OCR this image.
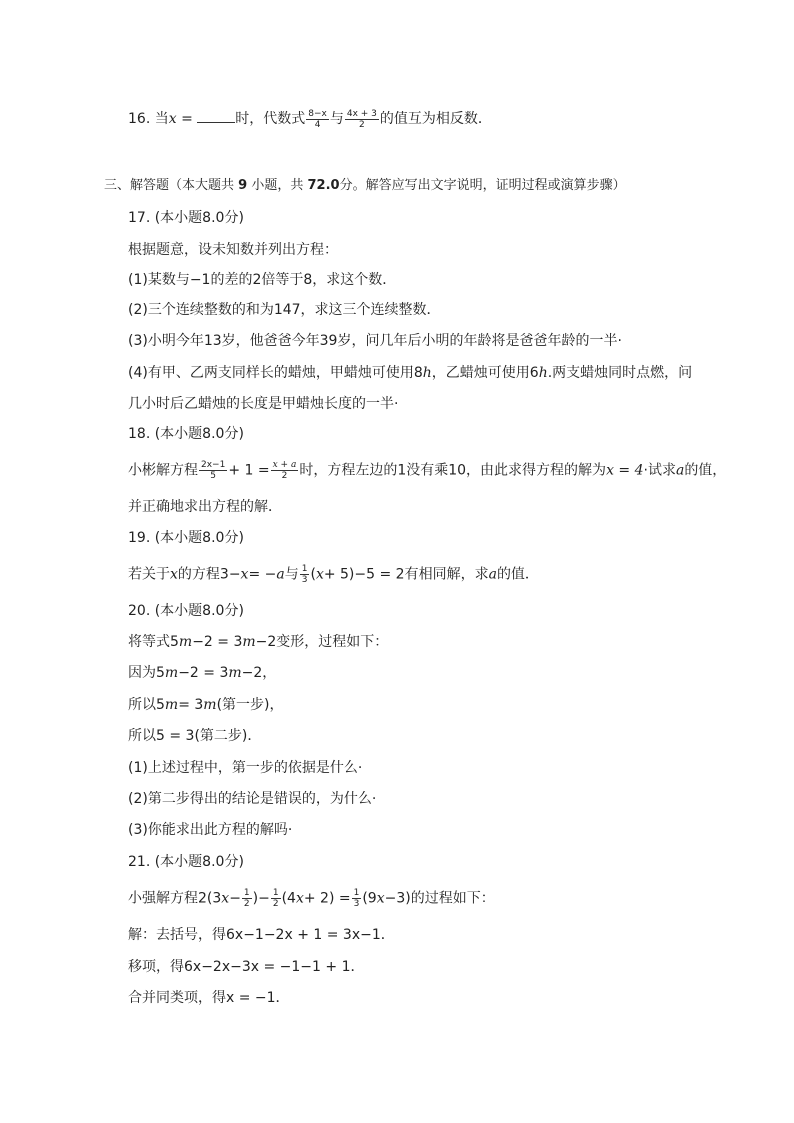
16. 当x =	时，代数式 $\frac{8-x}{4}$ 与 $\frac{4x + 3}{2}$ 的值互为相反数．
三、解答题（本大题共 9 小题，共 72.0分。解答应写出文字说明，证明过程或演算步骤）
17. (本小题8.0分)
根据题意，设未知数并列出方程：
(1)某数与−1的差的2倍等于8，求这个数．
(2)三个连续整数的和为147，求这三个连续整数．
(3)小明今年13岁，他爸爸今年39岁，问几年后小明的年龄将是爸爸年龄的一半·
(4)有甲、乙两支同样长的蜡烛，甲蜡烛可使用8h，乙蜡烛可使用6h.两支蜡烛同时点燃，问
几小时后乙蜡烛的长度是甲蜡烛长度的一半·
18. (本小题8.0分)
小彬解方程 $\frac{2x-1}{5} + 1 = \frac{x + a}{2}$ 时，方程左边的1没有乘10，由此求得方程的解为x = 4·试求a的值，
并正确地求出方程的解．
19. (本小题8.0分)
若关于x的方程3−x= −a与 $\frac{1}{3} (x+ 5)-5 = 2$有相同解，求a的值．
20. (本小题8.0分)
将等式5m−2 = 3m−2变形，过程如下：
因为5m−2 = 3m−2，
所以5m= 3m(第一步)，
所以5 = 3(第二步)．
(1)上述过程中，第一步的依据是什么·
(2)第二步得出的结论是错误的，为什么·
(3)你能求出此方程的解吗·
21. (本小题8.0分)
小强解方程$2(3x- \frac{1}{2}$ )− $\frac{1}{2} (4x+ 2) = \frac{1}{3} (9x-3)$的过程如下：
解：去括号，得6x−1−2x + 1 = 3x−1．
移项，得6x−2x−3x = −1−1 + 1．
合并同类项，得x = −1．
